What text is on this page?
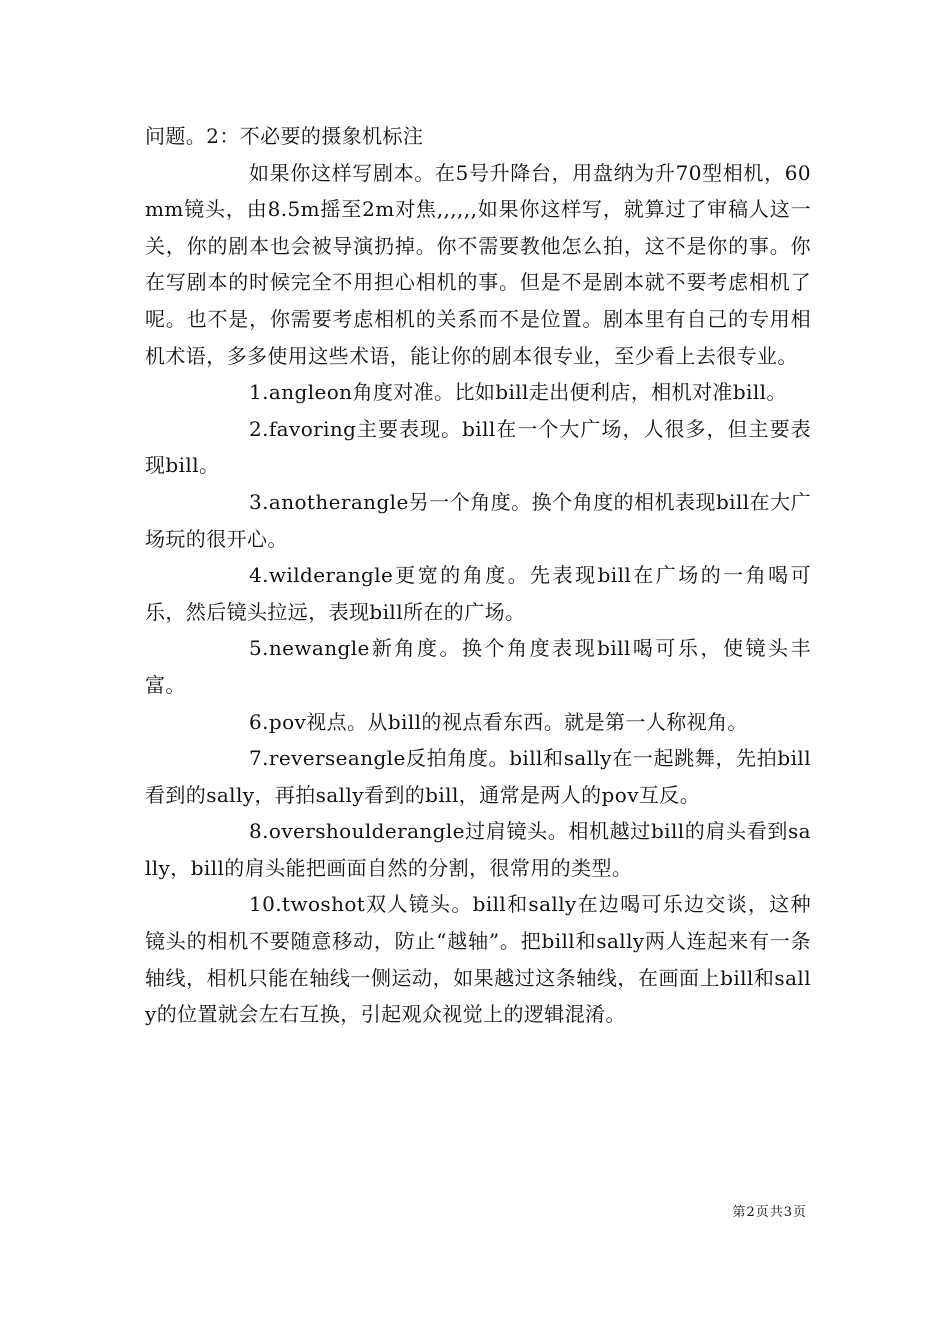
问题。2：不必要的摄象机标注

如果你这样写剧本。在5号升降台，用盘纳为升70型相机，60mm镜头，由8.5m摇至2m对焦,,,,,,如果你这样写，就算过了审稿人这一关，你的剧本也会被导演扔掉。你不需要教他怎么拍，这不是你的事。你在写剧本的时候完全不用担心相机的事。但是不是剧本就不要考虑相机了呢。也不是，你需要考虑相机的关系而不是位置。剧本里有自己的专用相机术语，多多使用这些术语，能让你的剧本很专业，至少看上去很专业。

1.angleon角度对准。比如bill走出便利店，相机对准bill。

2.favoring主要表现。bill在一个大广场，人很多，但主要表现bill。

3.anotherangle另一个角度。换个角度的相机表现bill在大广场玩的很开心。

4.wilderangle更宽的角度。先表现bill在广场的一角喝可乐，然后镜头拉远，表现bill所在的广场。

5.newangle新角度。换个角度表现bill喝可乐，使镜头丰富。

6.pov视点。从bill的视点看东西。就是第一人称视角。

7.reverseangle反拍角度。bill和sally在一起跳舞，先拍bill看到的sally，再拍sally看到的bill，通常是两人的pov互反。

8.overshoulderangle过肩镜头。相机越过bill的肩头看到sally，bill的肩头能把画面自然的分割，很常用的类型。

10.twoshot双人镜头。bill和sally在边喝可乐边交谈，这种镜头的相机不要随意移动，防止“越轴”。把bill和sally两人连起来有一条轴线，相机只能在轴线一侧运动，如果越过这条轴线，在画面上bill和sally的位置就会左右互换，引起观众视觉上的逻辑混淆。

第2页共3页
